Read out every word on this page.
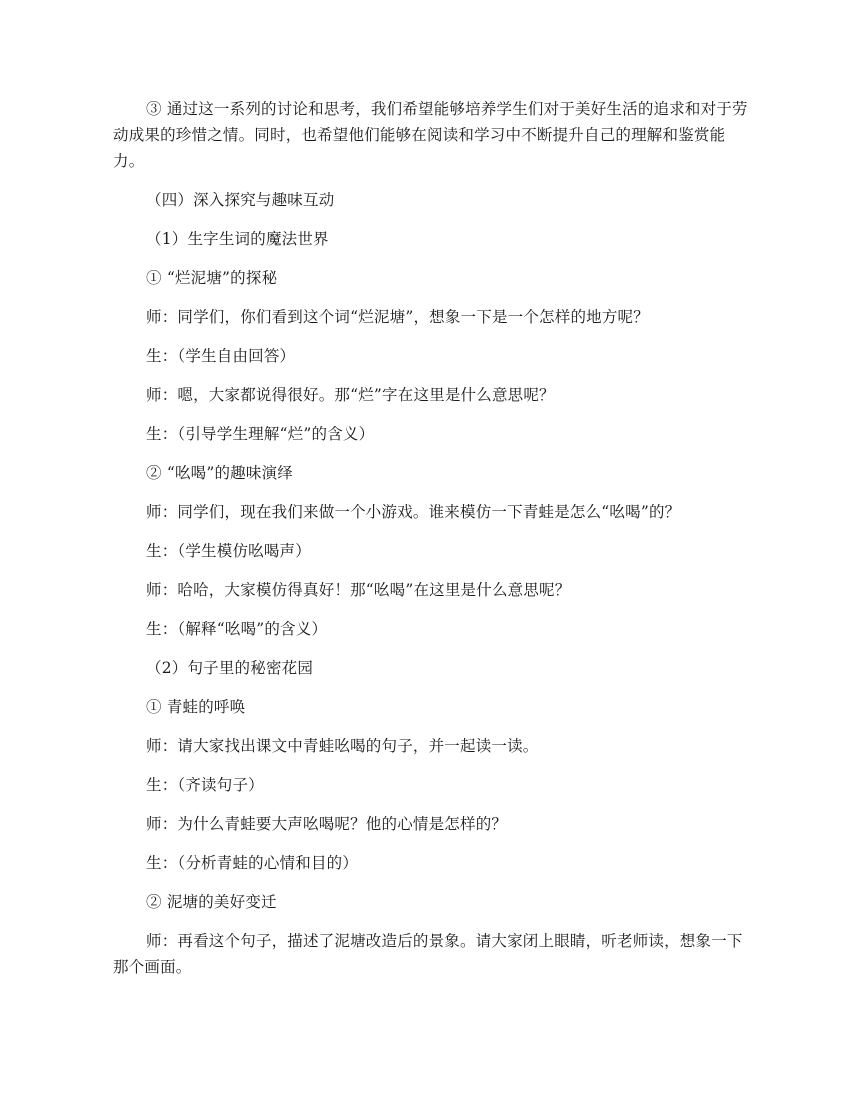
③ 通过这一系列的讨论和思考，我们希望能够培养学生们对于美好生活的追求和对于劳动成果的珍惜之情。同时，也希望他们能够在阅读和学习中不断提升自己的理解和鉴赏能力。

（四）深入探究与趣味互动

（1）生字生词的魔法世界

① “烂泥塘”的探秘

师：同学们，你们看到这个词“烂泥塘”，想象一下是一个怎样的地方呢？

生：（学生自由回答）

师：嗯，大家都说得很好。那“烂”字在这里是什么意思呢？

生：（引导学生理解“烂”的含义）

② “吆喝”的趣味演绎

师：同学们，现在我们来做一个小游戏。谁来模仿一下青蛙是怎么“吆喝”的？

生：（学生模仿吆喝声）

师：哈哈，大家模仿得真好！那“吆喝”在这里是什么意思呢？

生：（解释“吆喝”的含义）

（2）句子里的秘密花园

① 青蛙的呼唤

师：请大家找出课文中青蛙吆喝的句子，并一起读一读。

生：（齐读句子）

师：为什么青蛙要大声吆喝呢？他的心情是怎样的？

生：（分析青蛙的心情和目的）

② 泥塘的美好变迁

师：再看这个句子，描述了泥塘改造后的景象。请大家闭上眼睛，听老师读，想象一下那个画面。
